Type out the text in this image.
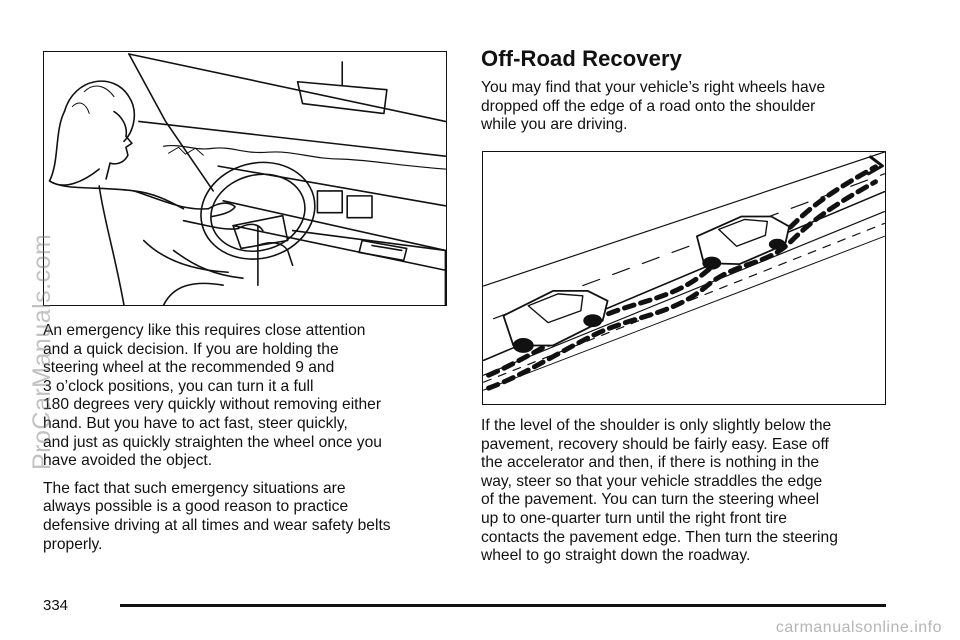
An emergency like this requires close attention
and a quick decision. If you are holding the
steering wheel at the recommended 9 and
3 o’clock positions, you can turn it a full
180 degrees very quickly without removing either
hand. But you have to act fast, steer quickly,
and just as quickly straighten the wheel once you
have avoided the object.

The fact that such emergency situations are
always possible is a good reason to practice
defensive driving at all times and wear safety belts
properly.

Off-Road Recovery

You may find that your vehicle’s right wheels have
dropped off the edge of a road onto the shoulder
while you are driving.

If the level of the shoulder is only slightly below the
pavement, recovery should be fairly easy. Ease off
the accelerator and then, if there is nothing in the
way, steer so that your vehicle straddles the edge
of the pavement. You can turn the steering wheel
up to one-quarter turn until the right front tire
contacts the pavement edge. Then turn the steering
wheel to go straight down the roadway.

334
ProCarManuals.com
carmanualsonline.info
